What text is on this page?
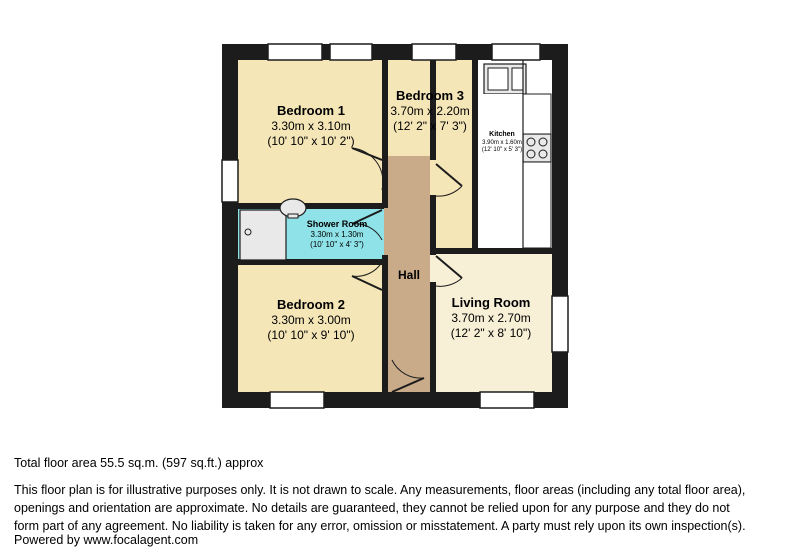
Bedroom 1
3.30m x 3.10m
(10' 10" x 10' 2")
Bedroom 3
3.70m x 2.20m
(12' 2" x 7' 3")
Kitchen
3.90m x 1.60m
(12' 10" x 5' 3")
Shower Room
3.30m x 1.30m
(10' 10" x 4' 3")
Hall
Bedroom 2
3.30m x 3.00m
(10' 10" x 9' 10")
Living Room
3.70m x 2.70m
(12' 2" x 8' 10")
Total floor area 55.5 sq.m. (597 sq.ft.) approx
This floor plan is for illustrative purposes only. It is not drawn to scale. Any measurements, floor areas (including any total floor area), openings and orientation are approximate. No details are guaranteed, they cannot be relied upon for any purpose and they do not form part of any agreement. No liability is taken for any error, omission or misstatement. A party must rely upon its own inspection(s).
Powered by www.focalagent.com
